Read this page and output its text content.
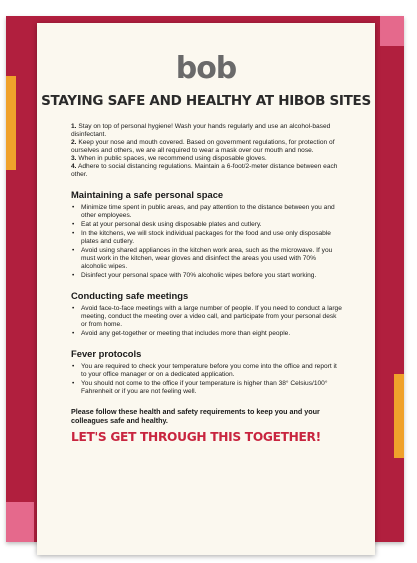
bob
STAYING SAFE AND HEALTHY AT HIBOB SITES

1. Stay on top of personal hygiene! Wash your hands regularly and use an alcohol-based disinfectant.

2. Keep your nose and mouth covered. Based on government regulations, for protection of ourselves and others, we are all required to wear a mask over our mouth and nose.

3. When in public spaces, we recommend using disposable gloves.

4. Adhere to social distancing regulations. Maintain a 6-foot/2-meter distance between each other.

Maintaining a safe personal space
• Minimize time spent in public areas, and pay attention to the distance between you and other employees.
• Eat at your personal desk using disposable plates and cutlery.
• In the kitchens, we will stock individual packages for the food and use only disposable plates and cutlery.
• Avoid using shared appliances in the kitchen work area, such as the microwave. If you must work in the kitchen, wear gloves and disinfect the areas you used with 70% alcoholic wipes.
• Disinfect your personal space with 70% alcoholic wipes before you start working.
Conducting safe meetings
• Avoid face-to-face meetings with a large number of people. If you need to conduct a large meeting, conduct the meeting over a video call, and participate from your personal desk or from home.
• Avoid any get-together or meeting that includes more than eight people.
Fever protocols
• You are required to check your temperature before you come into the office and report it to your office manager or on a dedicated application.
• You should not come to the office if your temperature is higher than 38° Celsius/100° Fahrenheit or if you are not feeling well.
Please follow these health and safety requirements to keep you and your colleagues safe and healthy.
LET'S GET THROUGH THIS TOGETHER!
